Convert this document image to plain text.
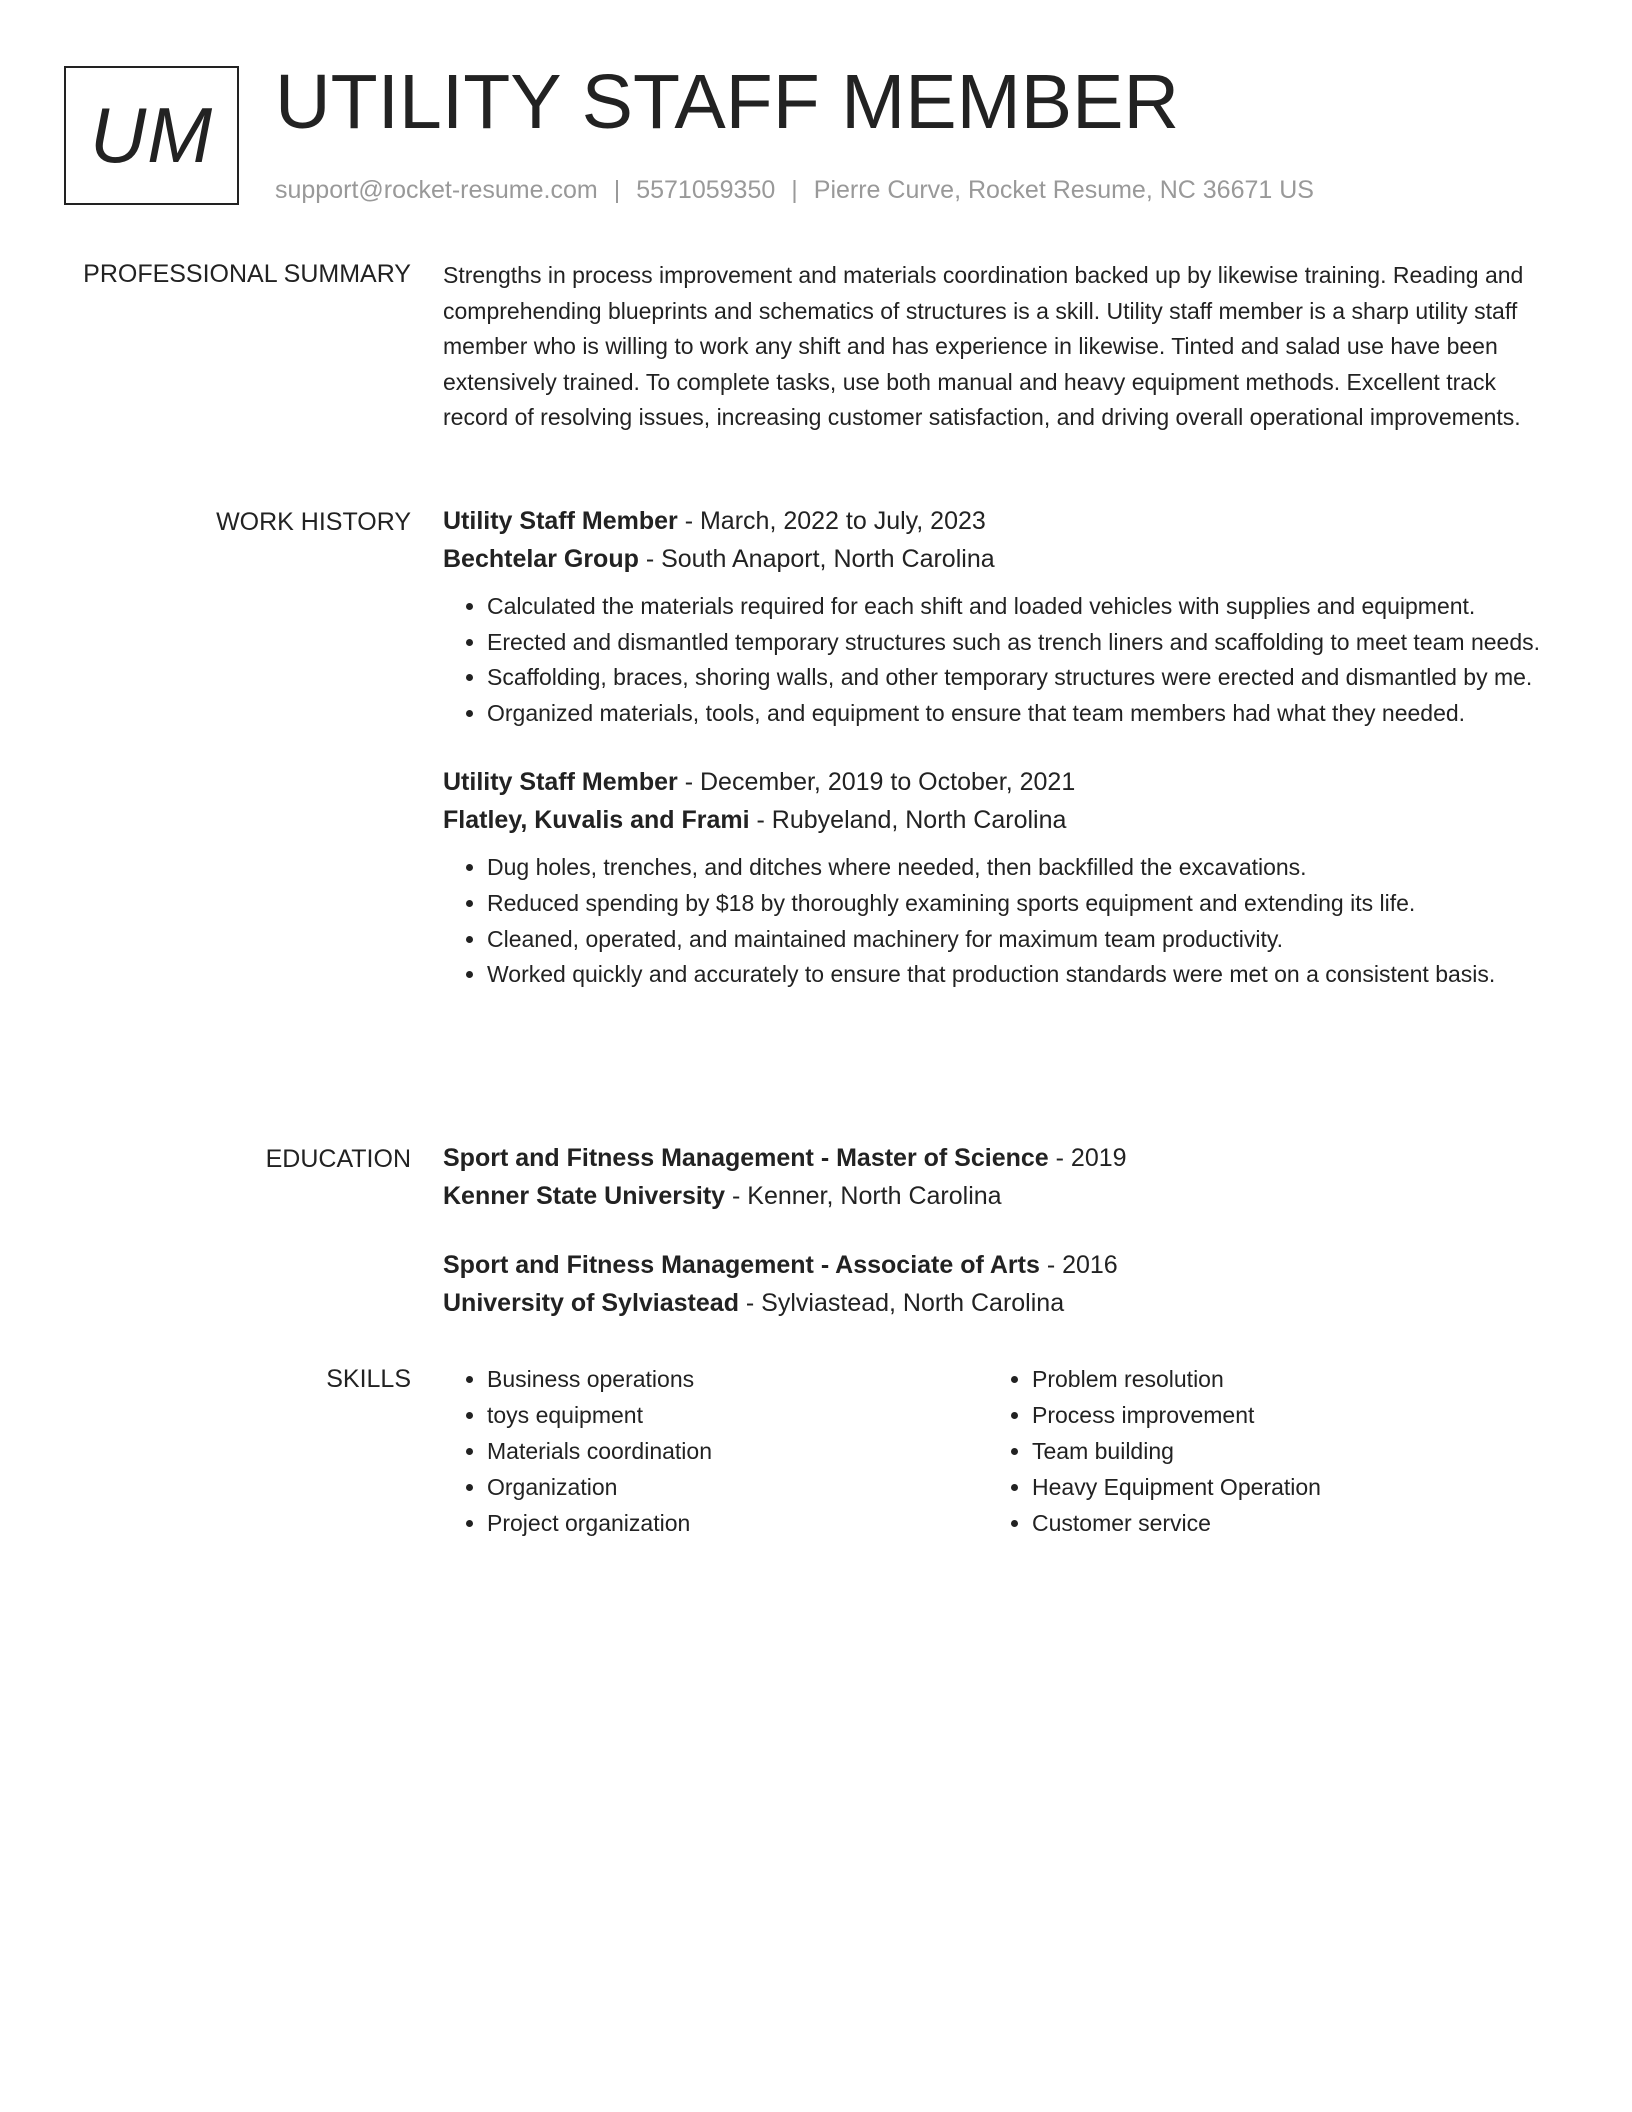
UM UTILITY STAFF MEMBER
support@rocket-resume.com | 5571059350 | Pierre Curve, Rocket Resume, NC 36671 US
PROFESSIONAL SUMMARY Strengths in process improvement and materials coordination backed up by likewise training. Reading and comprehending blueprints and schematics of structures is a skill. Utility staff member is a sharp utility staff member who is willing to work any shift and has experience in likewise. Tinted and salad use have been extensively trained. To complete tasks, use both manual and heavy equipment methods. Excellent track record of resolving issues, increasing customer satisfaction, and driving overall operational improvements.

WORK HISTORY Utility Staff Member - March, 2022 to July, 2023
Bechtelar Group - South Anaport, North Carolina
• Calculated the materials required for each shift and loaded vehicles with supplies and equipment.
• Erected and dismantled temporary structures such as trench liners and scaffolding to meet team needs.
• Scaffolding, braces, shoring walls, and other temporary structures were erected and dismantled by me.
• Organized materials, tools, and equipment to ensure that team members had what they needed.
Utility Staff Member - December, 2019 to October, 2021
Flatley, Kuvalis and Frami - Rubyeland, North Carolina
• Dug holes, trenches, and ditches where needed, then backfilled the excavations.
• Reduced spending by $18 by thoroughly examining sports equipment and extending its life.
• Cleaned, operated, and maintained machinery for maximum team productivity.
• Worked quickly and accurately to ensure that production standards were met on a consistent basis.
EDUCATION Sport and Fitness Management - Master of Science - 2019
Kenner State University - Kenner, North Carolina
Sport and Fitness Management - Associate of Arts - 2016
University of Sylviastead - Sylviastead, North Carolina
SKILLS
•	Business operations
• toys equipment
• Materials coordination
• Organization
• Project organization
• Problem resolution
• Process improvement
• Team building
• Heavy Equipment Operation
• Customer service
